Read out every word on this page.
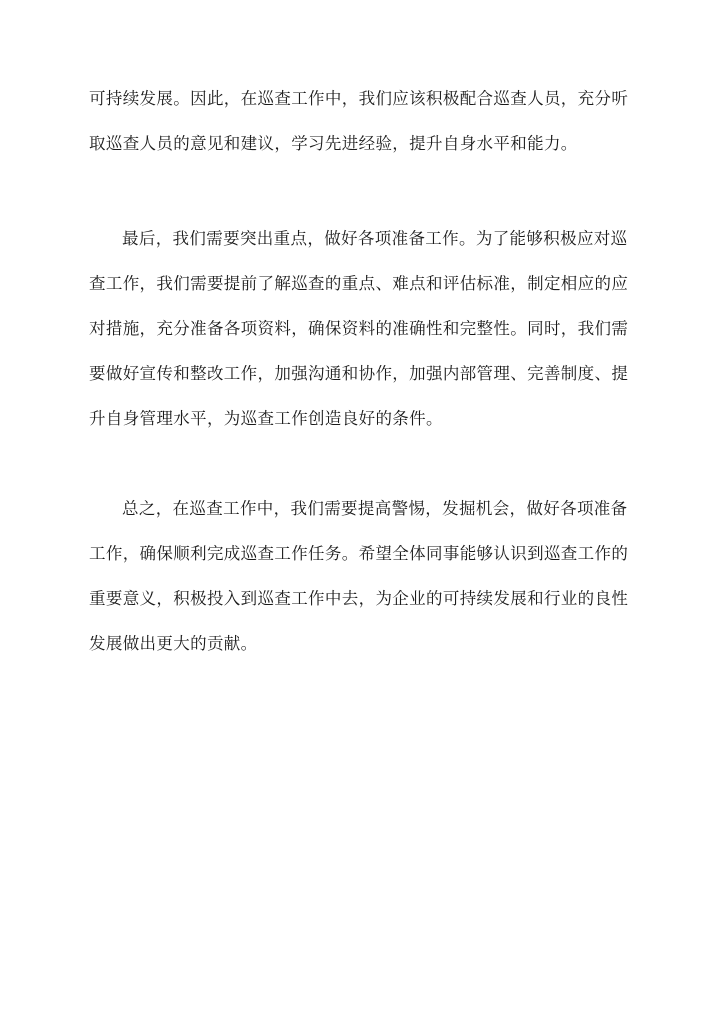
可持续发展。因此，在巡查工作中，我们应该积极配合巡查人员，充分听
取巡查人员的意见和建议，学习先进经验，提升自身水平和能力。
最后，我们需要突出重点，做好各项准备工作。为了能够积极应对巡
查工作，我们需要提前了解巡查的重点、难点和评估标准，制定相应的应
对措施，充分准备各项资料，确保资料的准确性和完整性。同时，我们需
要做好宣传和整改工作，加强沟通和协作，加强内部管理、完善制度、提
升自身管理水平，为巡查工作创造良好的条件。
总之，在巡查工作中，我们需要提高警惕，发掘机会，做好各项准备
工作，确保顺利完成巡查工作任务。希望全体同事能够认识到巡查工作的
重要意义，积极投入到巡查工作中去，为企业的可持续发展和行业的良性
发展做出更大的贡献。
